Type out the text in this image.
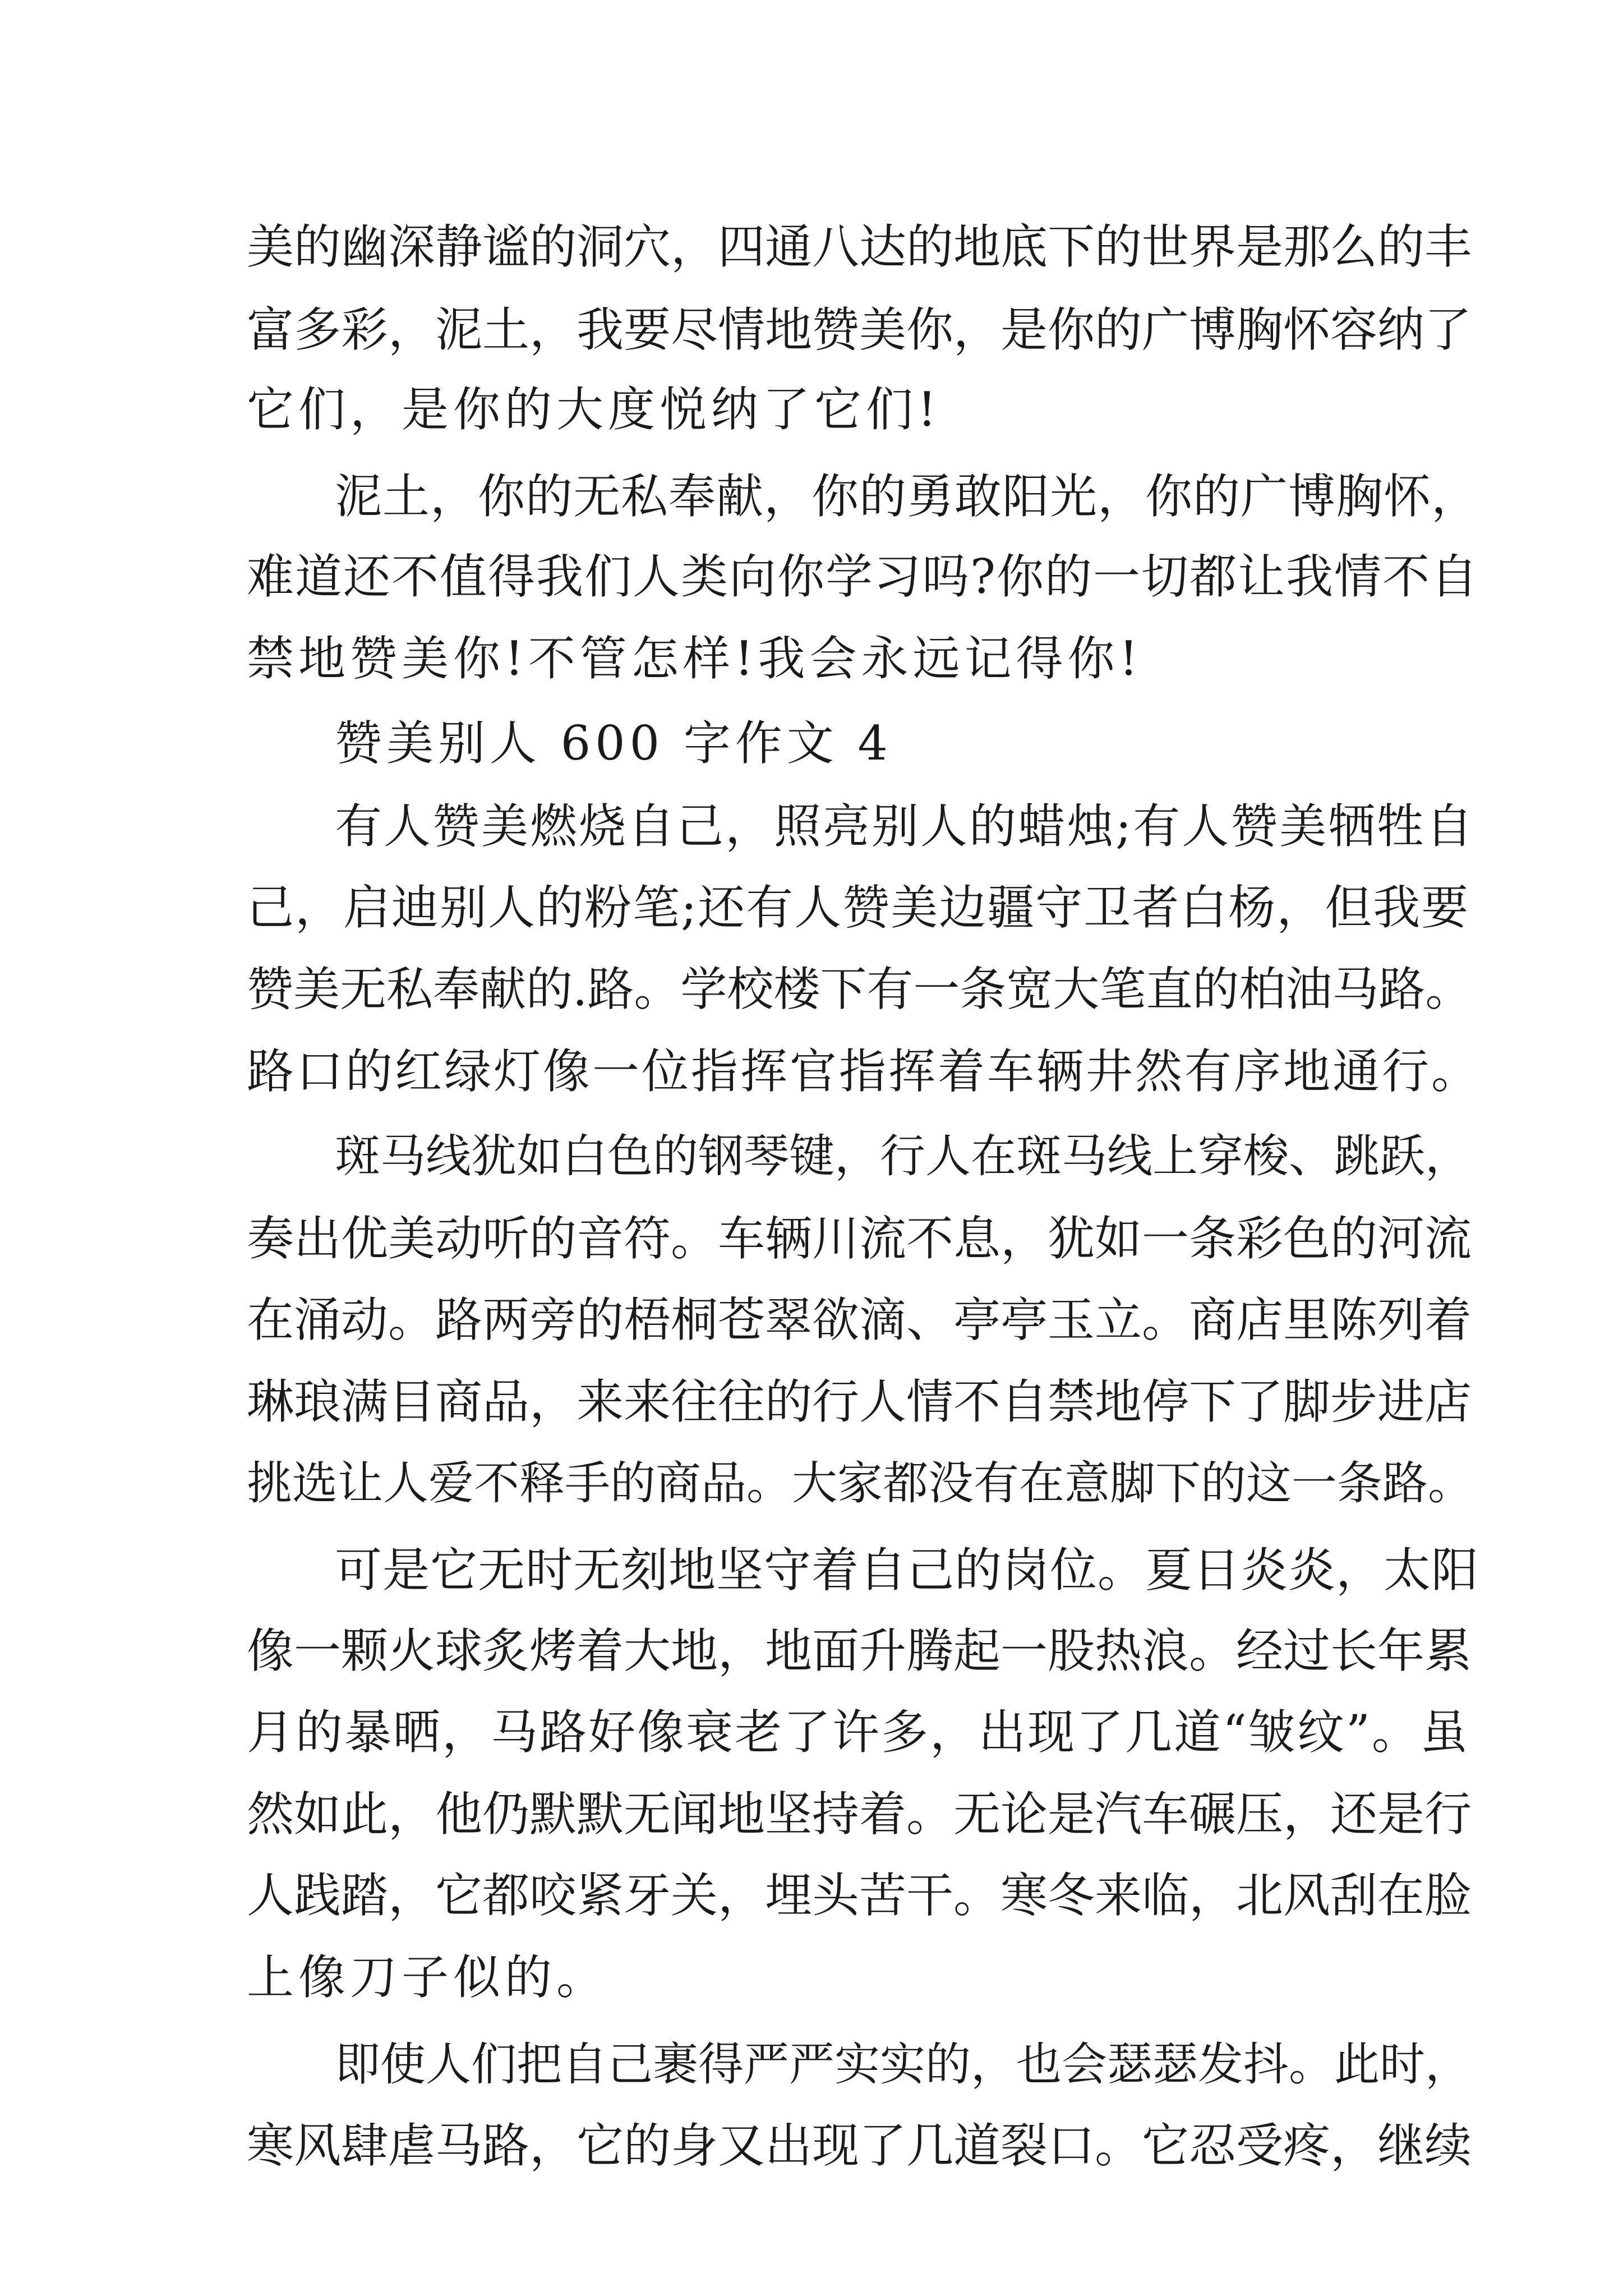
美的幽深静谧的洞穴，四通八达的地底下的世界是那么的丰
富多彩，泥土，我要尽情地赞美你，是你的广博胸怀容纳了
它们，是你的大度悦纳了它们!
泥土，你的无私奉献，你的勇敢阳光，你的广博胸怀，
难道还不值得我们人类向你学习吗?你的一切都让我情不自
禁地赞美你!不管怎样!我会永远记得你!
赞美别人 600 字作文 4
有人赞美燃烧自己，照亮别人的蜡烛;有人赞美牺牲自
己，启迪别人的粉笔;还有人赞美边疆守卫者白杨，但我要
赞美无私奉献的.路。学校楼下有一条宽大笔直的柏油马路。
路口的红绿灯像一位指挥官指挥着车辆井然有序地通行。
斑马线犹如白色的钢琴键，行人在斑马线上穿梭、跳跃，
奏出优美动听的音符。车辆川流不息，犹如一条彩色的河流
在涌动。路两旁的梧桐苍翠欲滴、亭亭玉立。商店里陈列着
琳琅满目商品，来来往往的行人情不自禁地停下了脚步进店
挑选让人爱不释手的商品。大家都没有在意脚下的这一条路。
可是它无时无刻地坚守着自己的岗位。夏日炎炎，太阳
像一颗火球炙烤着大地，地面升腾起一股热浪。经过长年累
月的暴晒，马路好像衰老了许多，出现了几道“皱纹”。虽
然如此，他仍默默无闻地坚持着。无论是汽车碾压，还是行
人践踏，它都咬紧牙关，埋头苦干。寒冬来临，北风刮在脸
上像刀子似的。
即使人们把自己裹得严严实实的，也会瑟瑟发抖。此时，
寒风肆虐马路，它的身又出现了几道裂口。它忍受疼，继续
